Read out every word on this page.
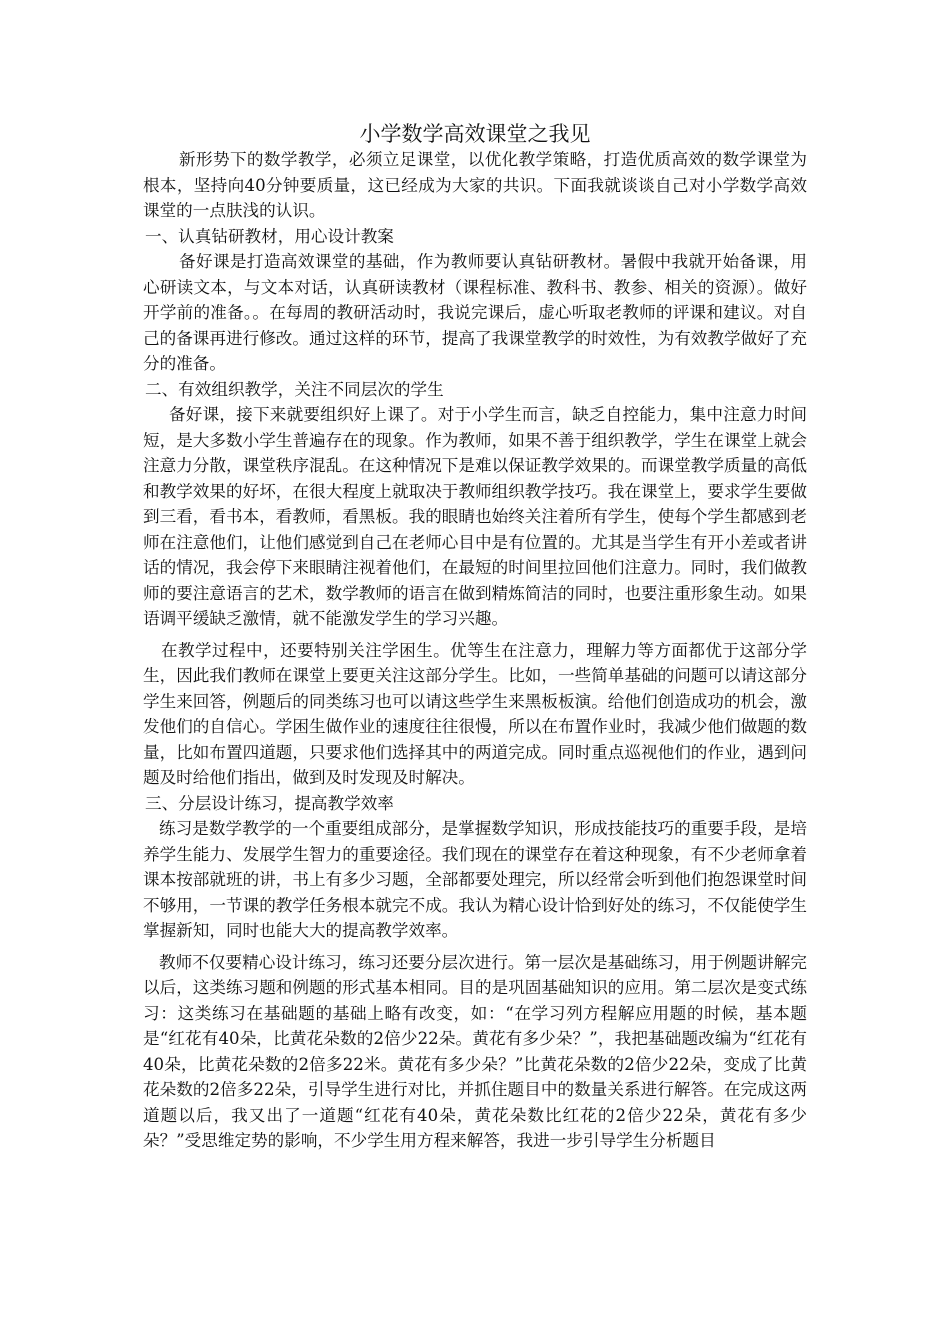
小学数学高效课堂之我见

新形势下的数学教学，必须立足课堂，以优化教学策略，打造优质高效的数学课堂为根本，坚持向40分钟要质量，这已经成为大家的共识。下面我就谈谈自己对小学数学高效课堂的一点肤浅的认识。

一、认真钻研教材，用心设计教案

备好课是打造高效课堂的基础，作为教师要认真钻研教材。暑假中我就开始备课，用心研读文本，与文本对话，认真研读教材（课程标准、教科书、教参、相关的资源）。做好开学前的准备。。在每周的教研活动时，我说完课后，虚心听取老教师的评课和建议。对自己的备课再进行修改。通过这样的环节，提高了我课堂教学的时效性，为有效教学做好了充分的准备。

二、有效组织教学，关注不同层次的学生

备好课，接下来就要组织好上课了。对于小学生而言，缺乏自控能力，集中注意力时间短，是大多数小学生普遍存在的现象。作为教师，如果不善于组织教学，学生在课堂上就会注意力分散，课堂秩序混乱。在这种情况下是难以保证教学效果的。而课堂教学质量的高低和教学效果的好坏，在很大程度上就取决于教师组织教学技巧。我在课堂上，要求学生要做到三看，看书本，看教师，看黑板。我的眼睛也始终关注着所有学生，使每个学生都感到老师在注意他们，让他们感觉到自己在老师心目中是有位置的。尤其是当学生有开小差或者讲话的情况，我会停下来眼睛注视着他们，在最短的时间里拉回他们注意力。同时，我们做教师的要注意语言的艺术，数学教师的语言在做到精炼简洁的同时，也要注重形象生动。如果语调平缓缺乏激情，就不能激发学生的学习兴趣。

在教学过程中，还要特别关注学困生。优等生在注意力，理解力等方面都优于这部分学生，因此我们教师在课堂上要更关注这部分学生。比如，一些简单基础的问题可以请这部分学生来回答，例题后的同类练习也可以请这些学生来黑板板演。给他们创造成功的机会，激发他们的自信心。学困生做作业的速度往往很慢，所以在布置作业时，我减少他们做题的数量，比如布置四道题，只要求他们选择其中的两道完成。同时重点巡视他们的作业，遇到问题及时给他们指出，做到及时发现及时解决。

三、分层设计练习，提高教学效率

练习是数学教学的一个重要组成部分，是掌握数学知识，形成技能技巧的重要手段，是培养学生能力、发展学生智力的重要途径。我们现在的课堂存在着这种现象，有不少老师拿着课本按部就班的讲，书上有多少习题，全部都要处理完，所以经常会听到他们抱怨课堂时间不够用，一节课的教学任务根本就完不成。我认为精心设计恰到好处的练习，不仅能使学生掌握新知，同时也能大大的提高教学效率。

教师不仅要精心设计练习，练习还要分层次进行。第一层次是基础练习，用于例题讲解完以后，这类练习题和例题的形式基本相同。目的是巩固基础知识的应用。第二层次是变式练习：这类练习在基础题的基础上略有改变，如：“在学习列方程解应用题的时候，基本题是“红花有40朵，比黄花朵数的2倍少22朵。黄花有多少朵？”，我把基础题改编为“红花有40朵，比黄花朵数的2倍多22米。黄花有多少朵？”比黄花朵数的2倍少22朵，变成了比黄花朵数的2倍多22朵，引导学生进行对比，并抓住题目中的数量关系进行解答。在完成这两道题以后，我又出了一道题“红花有40朵，黄花朵数比红花的2倍少22朵，黄花有多少朵？”受思维定势的影响，不少学生用方程来解答，我进一步引导学生分析题目
